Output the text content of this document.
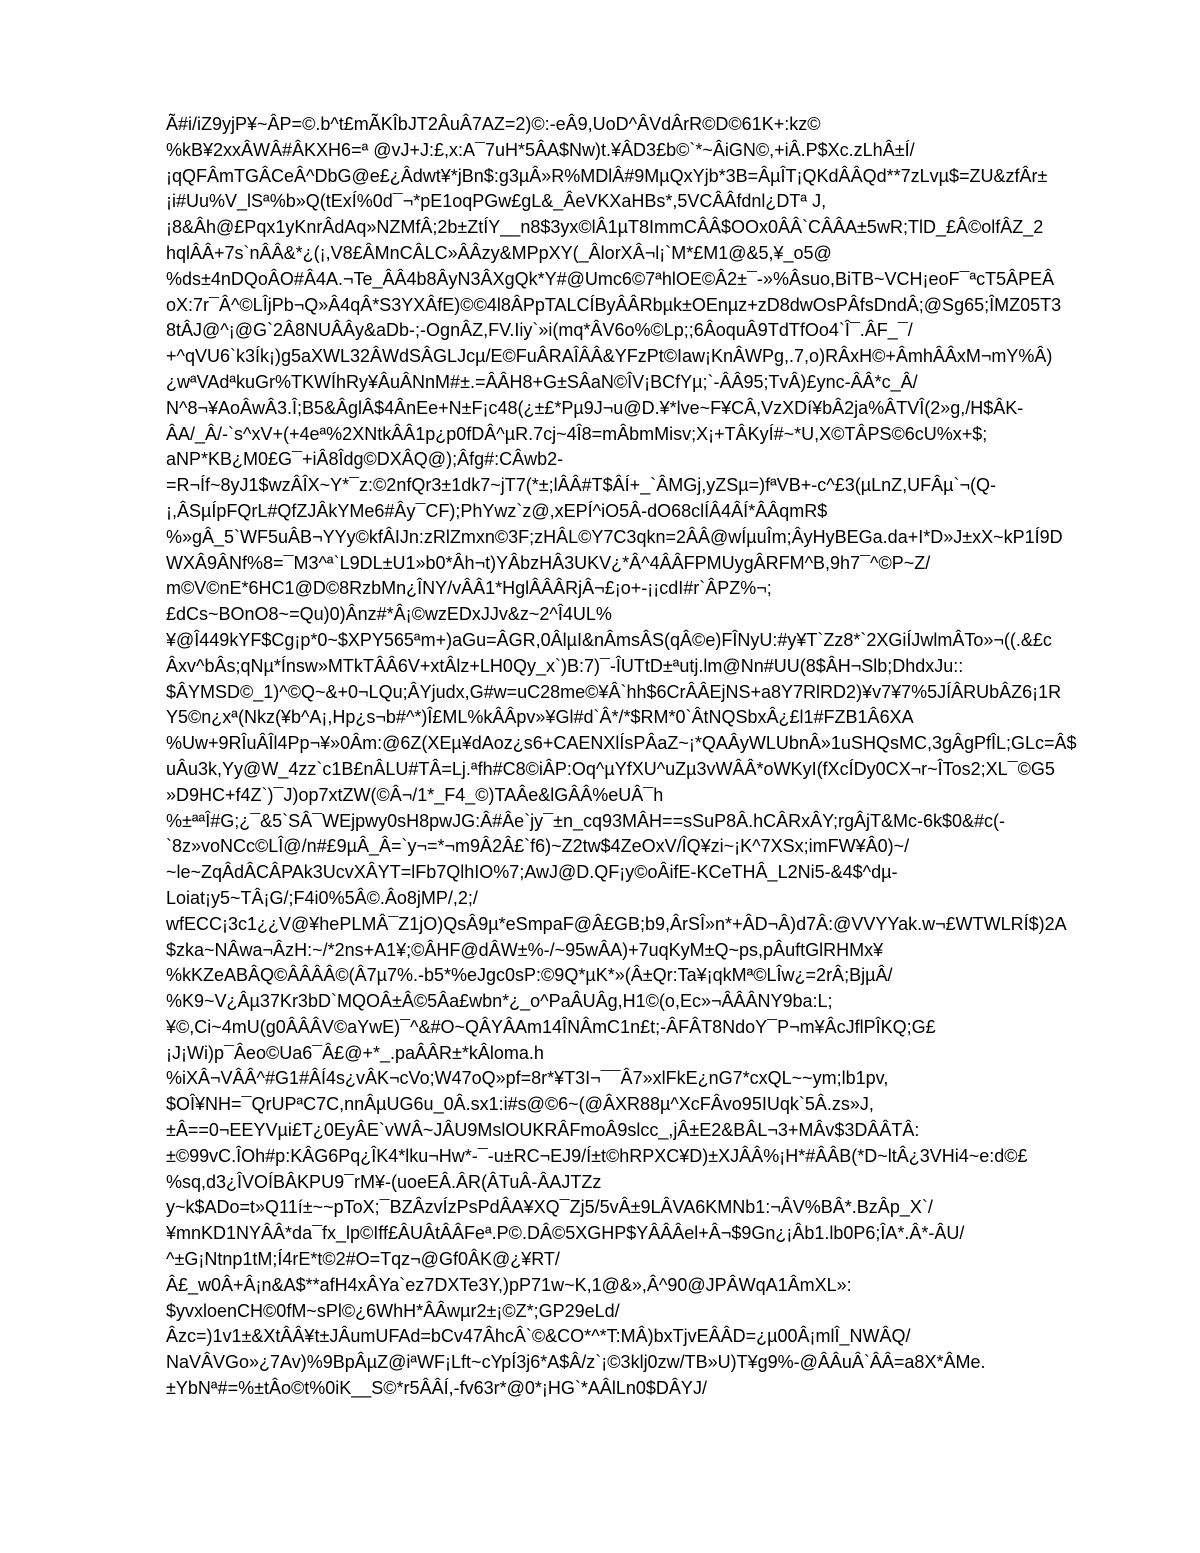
Ã#i/iZ9yjP¥~ÂP=©.b^t£mÃKÎbJT2ÂuÂ7AZ=2)©:-eÂ9,UoD^ÂVdÂrR©D©61K+:kz©
%kB¥2xxÂWÂ#ÂKXH6=ª @vJ+J:£,x:A¯7uH*5ÂA$Nw)t.¥ÂD3£b©`*~ÂiGN©,+iÂ.P$Xc.zLhÂ±Í/
¡qQFÂmTGÂCeÂ^DbG@e£¿Âdwt¥*jBn$:g3µÂ»R%MDlÂ#9MµQxYjb*3B=ÂµÎT¡QKdÂÂQd**7zLvµ$=ZU&zfÂr±
¡i#Uu%V_lSª%b»Q(tExÍ%0d¯¬*pE1oqPGw£gL&_ÂeVKXaHBs*,5VCÂÂfdnl¿DTª J,
¡8&Âh@£Pqx1yKnrÂdAq»NZMfÂ;2b±ZtÍY__n8$3yx©lÂ1µT8ImmCÂÂ$OOx0ÂÂ`CÂÂA±5wR;TlD_£Â©olfÂZ_2
hqlÂÂ+7s`nÂÂ&*¿(¡,V8£ÂMnCÂLC»ÂÂzy&MPpXY(_ÂlorXÂ¬l¡`M*£M1@&5,¥_o5@
%ds±4nDQoÂO#Â4A.¬Te_ÂÂ4b8ÂyN3ÂXgQk*Y#@Umc6©7ªhlOE©Â2±¯-»%Âsuo,BiTB~VCH¡eoF¯ªcT5ÂPEÂ
oX:7r¯Â^©LÎjPb¬Q»Â4qÂ*S3YXÂfE)©©4l8ÂPpTALCÍByÂÂRbµk±OEnµz+zD8dwOsPÂfsDndÂ;@Sg65;ÎMZ05T3
8tÂJ@^¡@G`2Â8NUÂÂy&aDb-;-OgnÂZ,FV.Iiy`»i(mq*ÂV6o%©Lp;;6ÂoquÂ9TdTfOo4`Î¯.ÂF_¯/
+^qVU6`k3Ík¡)g5aXWL32ÂWdSÂGLJcµ/E©FuÂRAÎÂÂ&YFzPt©Iaw¡KnÂWPg,.7,o)RÂxH©+ÂmhÂÂxM¬mY%Â)
¿wªVAdªkuGr%TKWÍhRy¥ÂuÂNnM#±.=ÂÂH8+G±SÂaN©ÎV¡BCfYµ;`-ÂÂ95;TvÂ)£ync-ÂÂ*c_Â/
N^8¬¥AoÂwÂ3.Î;B5&ÂglÂ$4ÂnEe+N±F¡c48(¿±£*Pµ9J¬u@D.¥*lve~F¥CÂ,VzXDí¥bÂ2ja%ÂTVÎ(2»g,/H$ÂK-
ÂA/_Â/-`s^xV+(+4eª%2XNtkÂÂ1p¿p0fDÂ^µR.7cj~4Î8=mÂbmMisv;X¡+TÂKyÍ#~*U,X©TÂPS©6cU%x+$;
aNP*KB¿M0£G¯+iÂ8Îdg©DXÂQ@);Âfg#:CÂwb2-
=R¬Íf~8yJ1$wzÂÎX~Y*¯z:©2nfQr3±1dk7~jT7(*±;lÂÂ#T$ÂÍ+_`ÂMGj,yZSµ=)fªVB+-c^£3(µLnZ,UFÂµ`¬(Q-
¡,ÂSµÍpFQrL#QfZJÂkYMe6#Ây¯CF);PhYwz`z@,xEPÍ^iO5Â-dO68clÍÂ4ÂÍ*ÂÂqmR$
%»gÂ_5`WF5uÂB¬YYy©kfÂIJn:zRlZmxn©3F;zHÂL©Y7C3qkn=2ÂÂ@wÍµuÎm;ÂyHyBEGa.da+I*D»J±xX~kP1Í9D
WXÂ9ÂNf%8=¯M3^ª`L9DL±U1»b0*Âh¬t)YÂbzHÂ3UKV¿*Â^4ÂÂFPMUygÂRFM^B,9h7¯^©P~Z/
m©V©nE*6HC1@D©8RzbMn¿ÎNY/vÂÂ1*HglÂÂÂRjÂ¬£¡o+-¡¡cdI#r`ÂPZ%¬;
£dCs~BOnO8~=Qu)0)Ânz#*Â¡©wzEDxJJv&z~2^Î4UL%
¥@Î449kYF$Cg¡p*0~$XPY565ªm+)aGu=ÂGR,0ÂlµI&nÂmsÂS(qÂ©e)FÎNyU:#y¥T`Zz8*`2XGiÍJwlmÂTo»¬((.&£c
Âxv^bÂs;qNµ*Ínsw»MTkTÂÂ6V+xtÂlz+LH0Qy_x`)B:7)¯-ÎUTtD±ªutj.lm@Nn#UU(8$ÂH¬Slb;DhdxJu::
$ÂYMSD©_1)^©Q~&+0¬LQu;ÂYjudx,G#w=uC28me©¥Â`hh$6CrÂÂEjNS+a8Y7RlRD2)¥v7¥7%5JÍÂRUbÂZ6¡1R
Y5©n¿xª(Nkz(¥b^A¡,Hp¿s¬b#^*)Î£ML%kÂÂpv»¥Gl#d`Â*/*$RM*0`ÂtNQSbxÂ¿£l1#FZB1Â6XA
%Uw+9RÎuÂÎl4Pp¬¥»0Âm:@6Z(XEµ¥dAoz¿s6+CAENXlÍsPÂaZ~¡*QAÂyWLUbnÂ»1uSHQsMC,3gÂgPfÎL;GLc=Â$
uÂu3k,Yy@W_4zz`c1B£nÂLU#TÂ=Lj.ªfh#C8©iÂP:Oq^µYfXU^uZµ3vWÂÂ*oWKyI(fXcÍDy0CX¬r~ÎTos2;XL¯©G5
»D9HC+f4Z`)¯J)op7xtZW(©Â¬/1*_F4_©)TAÂe&lGÂÂ%eUÂ¯h
%±ªªÎ#G;¿¯&5`SÂ¯WEjpwy0sH8pwJG:Â#Âe`jy¯±n_cq93MÂH==sSuP8Â.hCÂRxÂY;rgÂjT&Mc-6k$0&#c(-
`8z»voNCc©LÎ@/n#£9µÂ_Â=`y¬=*¬m9Â2Â£`f6)~Z2tw$4ZeOxV/ÎQ¥zi~¡K^7XSx;imFW¥Â0)~/
~le~ZqÂdÂCÂPAk3UcvXÂYT=lFb7QlhIO%7;AwJ@D.QF¡y©oÂifE-KCeTHÂ_L2Ni5-&4$^dµ-
Loiat¡y5~TÂ¡G/;F4i0%5Â©.Âo8jMP/,2;/
wfECC¡3c1¿¿V@¥hePLMÂ¯Z1jO)QsÂ9µ*eSmpaF@Â£GB;b9,ÂrSÎ»n*+ÂD¬Â)d7Â:@VVYYak.w¬£WTWLRÍ$)2A
$zka~NÂwa¬ÂzH:~/*2ns+A1¥;©ÂHF@dÂW±%-/~95wÂA)+7uqKyM±Q~ps,pÂuftGlRHMx¥
%kKZeABÂQ©ÂÂÂÂ©(Â7µ7%.-b5*%eJgc0sP:©9Q*µK*»(Â±Qr:Ta¥¡qkMª©LÎw¿=2rÂ;BjµÂ/
%K9~V¿Âµ37Kr3bD`MQOÂ±Â©5Âa£wbn*¿_o^PaÂUÂg,H1©(o,Ec»¬ÂÂÂNY9ba:L;
¥©,Ci~4mU(g0ÂÂÂV©aYwE)¯^&#O~QÂYÂAm14ÎNÂmC1n£t;-ÂFÂT8NdoY¯P¬m¥ÂcJflPÎKQ;G£
¡J¡Wi)p¯Âeo©Ua6¯Â£@+*_.paÂÂR±*kÂloma.h
%iXÂ¬VÂÂ^#G1#ÂÍ4s¿vÂK¬cVo;W47oQ»pf=8r*¥T3I¬¯¯Â7»xlFkE¿nG7*cxQL~~ym;lb1pv,
$OÎ¥NH=¯QrUPªC7C,nnÂµUG6u_0Â.sx1:i#s@©6~(@ÂXR88µ^XcFÂvo95IUqk`5Â.zs»J,
±Â==0¬EEYVµi£T¿0EyÂE`vWÂ~JÂU9MslOUKRÂFmoÂ9slcc_,jÂ±E2&BÂL¬3+MÂv$3DÂÂTÂ:
±©99vC.ÎOh#p:KÂG6Pq¿ÎK4*lku¬Hw*-¯-u±RC¬EJ9/Í±t©hRPXC¥D)±XJÂÂ%¡H*#ÂÂB(*D~ltÂ¿3VHi4~e:d©£
%sq,d3¿ÎVOÍBÂKPU9¯rM¥-(uoeEÂ.ÂR(ÂTuÂ-ÂAJTZz
y~k$ADo=t»Q11í±~~pToX;¯BZÂzvÍzPsPdÂA¥XQ¯Zj5/5vÂ±9LÂVA6KMNb1:¬ÂV%BÂ*.BzÂp_X`/
¥mnKD1NYÂÂ*da¯fx_lp©Iff£ÂUÂtÂÂFeª.P©.DÂ©5XGHP$YÂÂÂel+Â¬$9Gn¿¡Âb1.lb0P6;ÎA*.Â*-ÂU/
^±G¡Ntnp1tM;Í4rE*t©2#O=Tqz¬@Gf0ÂK@¿¥RT/
Â£_w0Â+Â¡n&A$**afH4xÂYa`ez7DXTe3Y,)pP71w~K,1@&»,Â^90@JPÂWqA1ÂmXL»:
$yvxloenCH©0fM~sPl©¿6WhH*ÂÂwµr2±¡©Z*;GP29eLd/
Âzc=)1v1±&XtÂÂ¥t±JÂumUFAd=bCv47ÂhcÂ`©&CO*^*T:MÂ)bxTjvEÂÂD=¿µ00Â¡mlÎ_NWÂQ/
NaVÂVGo»¿7Av)%9BpÂµZ@iªWF¡Lft~cYpÍ3j6*A$Â/z`¡©3klj0zw/TB»U)T¥g9%-@ÂÂuÂ`ÂÂ=a8X*ÂMe.
±YbNª#=%±tÂo©t%0iK__S©*r5ÂÂÍ,-fv63r*@0*¡HG`*AÂlLn0$DÂYJ/
